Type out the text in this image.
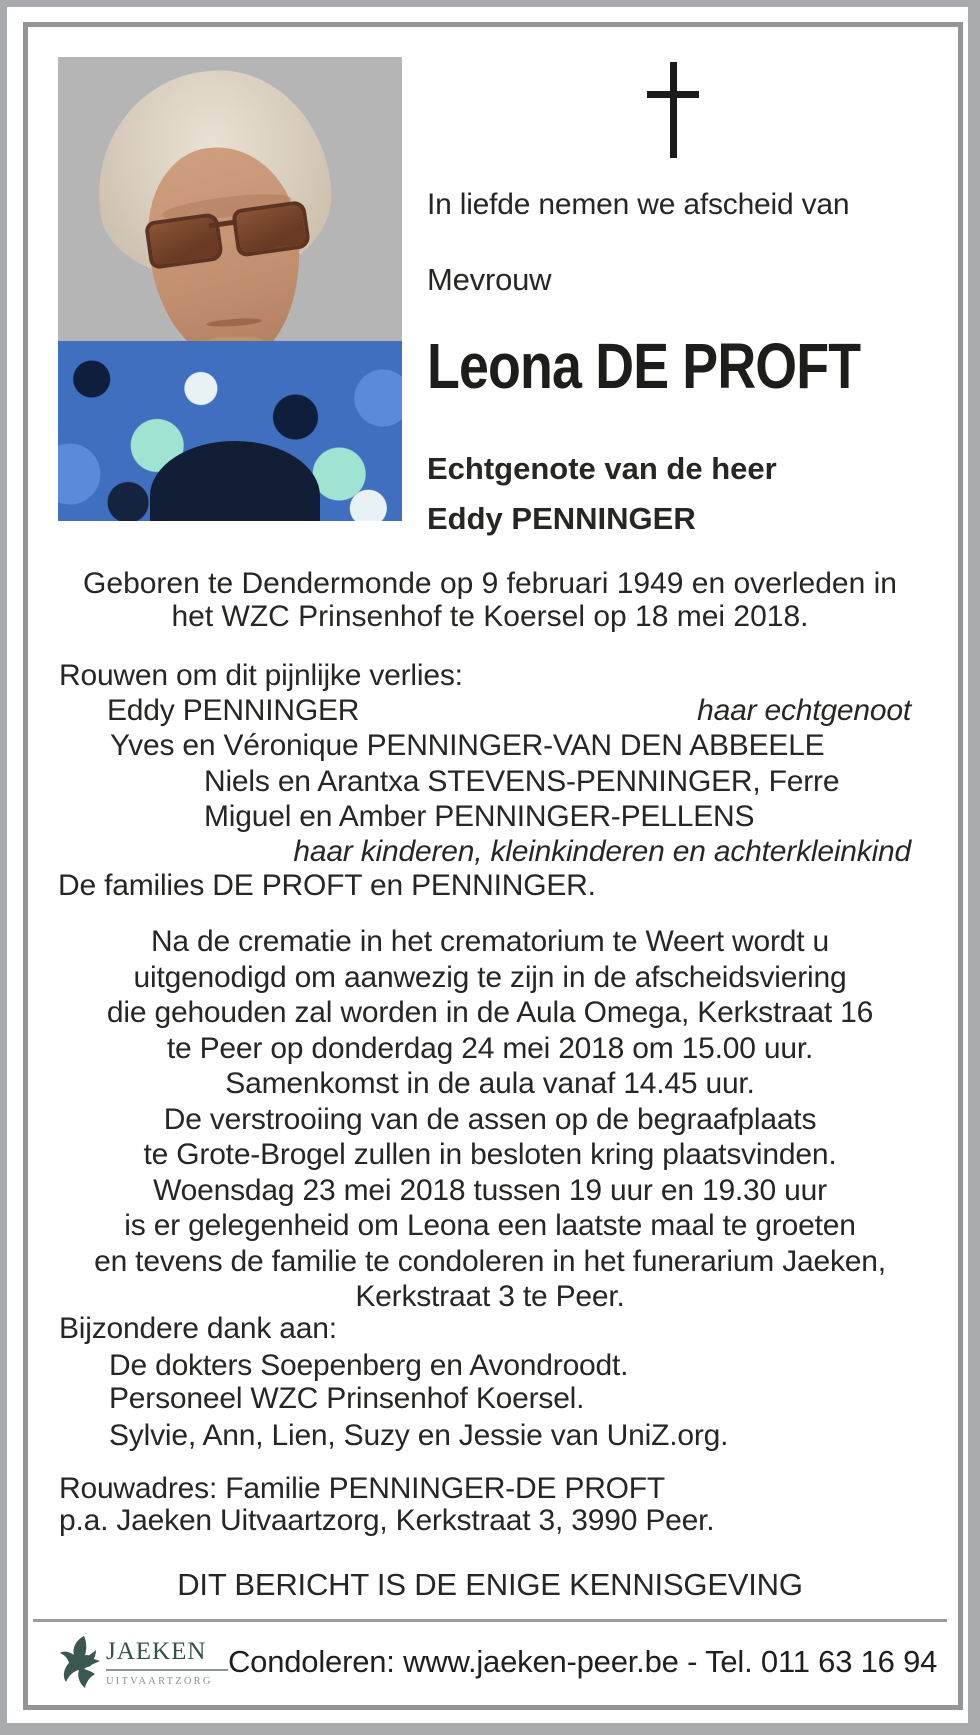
In liefde nemen we afscheid van
Mevrouw
Leona DE PROFT
Echtgenote van de heer
Eddy PENNINGER
Geboren te Dendermonde op 9 februari 1949 en overleden in
het WZC Prinsenhof te Koersel op 18 mei 2018.
Rouwen om dit pijnlijke verlies:
Eddy PENNINGER	haar echtgenoot
Yves en Véronique PENNINGER-VAN DEN ABBEELE
Niels en Arantxa STEVENS-PENNINGER, Ferre
Miguel en Amber PENNINGER-PELLENS
haar kinderen, kleinkinderen en achterkleinkind
De families DE PROFT en PENNINGER.
Na de crematie in het crematorium te Weert wordt u
uitgenodigd om aanwezig te zijn in de afscheidsviering
die gehouden zal worden in de Aula Omega, Kerkstraat 16
te Peer op donderdag 24 mei 2018 om 15.00 uur.
Samenkomst in de aula vanaf 14.45 uur.
De verstrooiing van de assen op de begraafplaats
te Grote-Brogel zullen in besloten kring plaatsvinden.
Woensdag 23 mei 2018 tussen 19 uur en 19.30 uur
is er gelegenheid om Leona een laatste maal te groeten
en tevens de familie te condoleren in het funerarium Jaeken,
Kerkstraat 3 te Peer.
Bijzondere dank aan:
De dokters Soepenberg en Avondroodt.
Personeel WZC Prinsenhof Koersel.
Sylvie, Ann, Lien, Suzy en Jessie van UniZ.org.
Rouwadres: Familie PENNINGER-DE PROFT
p.a. Jaeken Uitvaartzorg, Kerkstraat 3, 3990 Peer.
DIT BERICHT IS DE ENIGE KENNISGEVING
JAEKEN
UITVAARTZORG
Condoleren: www.jaeken-peer.be - Tel. 011 63 16 94
